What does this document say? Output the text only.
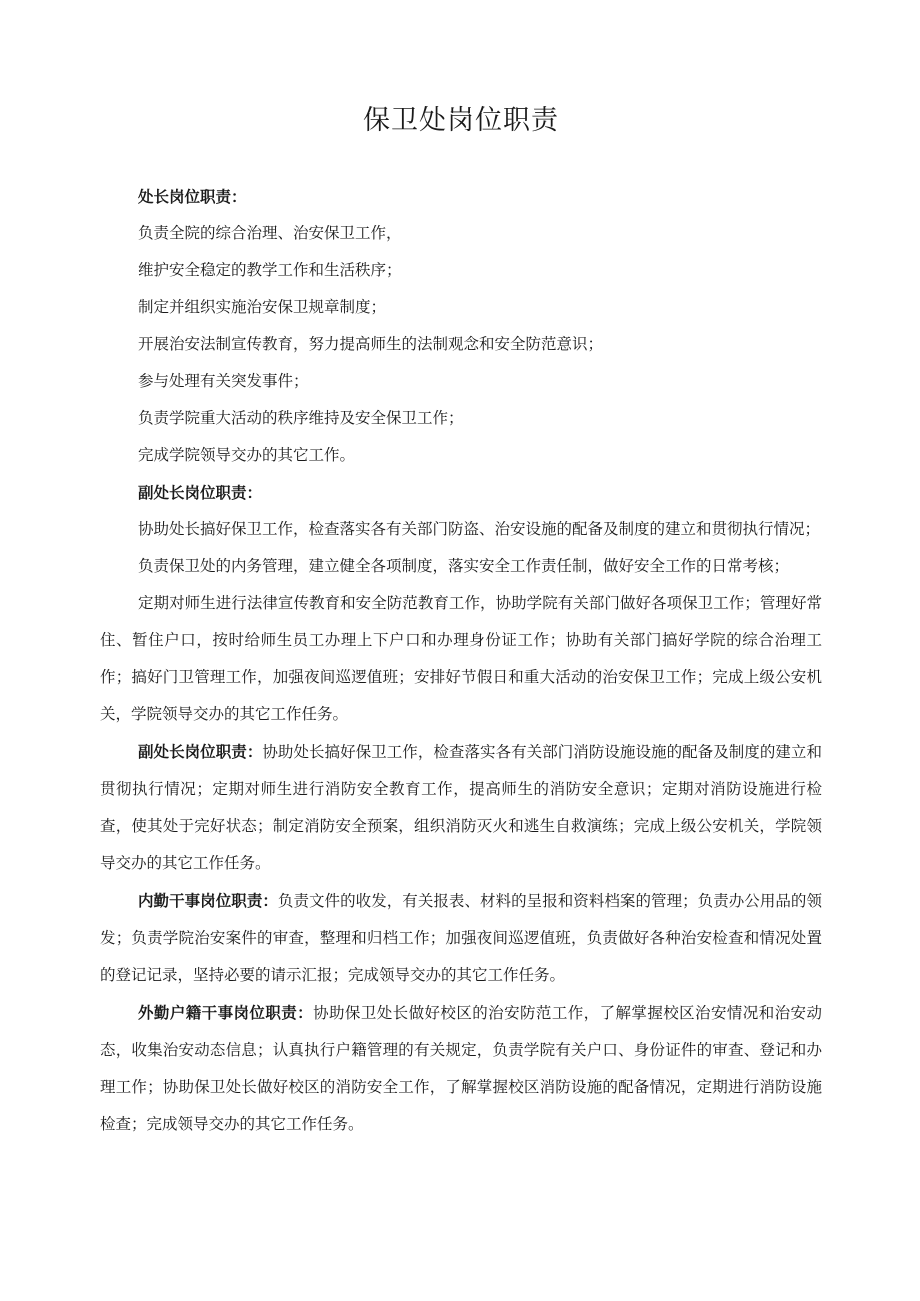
保卫处岗位职责
处长岗位职责：
负责全院的综合治理、治安保卫工作，
维护安全稳定的教学工作和生活秩序；
制定并组织实施治安保卫规章制度；
开展治安法制宣传教育，努力提高师生的法制观念和安全防范意识；
参与处理有关突发事件；
负责学院重大活动的秩序维持及安全保卫工作；
完成学院领导交办的其它工作。
副处长岗位职责：

协助处长搞好保卫工作，检查落实各有关部门防盗、治安设施的配备及制度的建立和贯彻执行情况；

负责保卫处的内务管理，建立健全各项制度，落实安全工作责任制，做好安全工作的日常考核；

定期对师生进行法律宣传教育和安全防范教育工作，协助学院有关部门做好各项保卫工作；管理好常住、暂住户口，按时给师生员工办理上下户口和办理身份证工作；协助有关部门搞好学院的综合治理工作；搞好门卫管理工作，加强夜间巡逻值班；安排好节假日和重大活动的治安保卫工作；完成上级公安机关，学院领导交办的其它工作任务。

副处长岗位职责：协助处长搞好保卫工作，检查落实各有关部门消防设施设施的配备及制度的建立和贯彻执行情况；定期对师生进行消防安全教育工作，提高师生的消防安全意识；定期对消防设施进行检查，使其处于完好状态；制定消防安全预案，组织消防灭火和逃生自救演练；完成上级公安机关，学院领导交办的其它工作任务。

内勤干事岗位职责：负责文件的收发，有关报表、材料的呈报和资料档案的管理；负责办公用品的领发；负责学院治安案件的审查，整理和归档工作；加强夜间巡逻值班，负责做好各种治安检查和情况处置的登记记录，坚持必要的请示汇报；完成领导交办的其它工作任务。

外勤户籍干事岗位职责：协助保卫处长做好校区的治安防范工作，了解掌握校区治安情况和治安动态，收集治安动态信息；认真执行户籍管理的有关规定，负责学院有关户口、身份证件的审查、登记和办理工作；协助保卫处长做好校区的消防安全工作，了解掌握校区消防设施的配备情况，定期进行消防设施检查；完成领导交办的其它工作任务。
